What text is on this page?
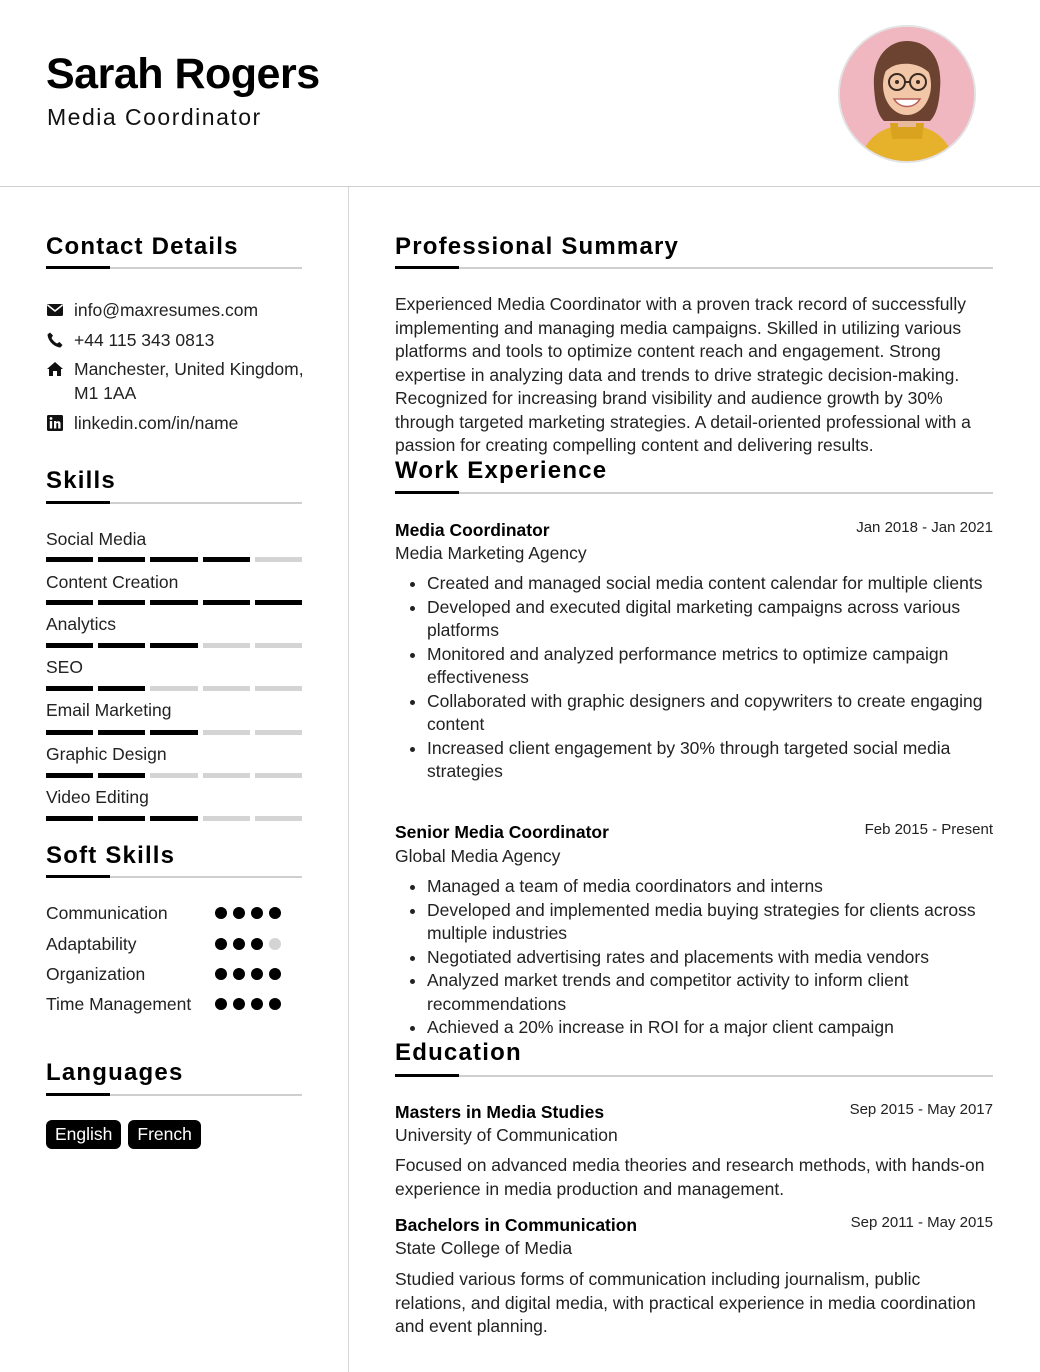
Sarah Rogers
Media Coordinator
Contact Details
info@maxresumes.com
+44 115 343 0813
Manchester, United Kingdom, M1 1AA
linkedin.com/in/name
Skills
Social Media
Content Creation
Analytics
SEO
Email Marketing
Graphic Design
Video Editing
Soft Skills
Communication
Adaptability
Organization
Time Management
Languages
English	French
Professional Summary
Experienced Media Coordinator with a proven track record of successfully implementing and managing media campaigns. Skilled in utilizing various platforms and tools to optimize content reach and engagement. Strong expertise in analyzing data and trends to drive strategic decision-making. Recognized for increasing brand visibility and audience growth by 30% through targeted marketing strategies. A detail-oriented professional with a passion for creating compelling content and delivering results.
Work Experience
Media Coordinator	Jan 2018 - Jan 2021
Media Marketing Agency
• Created and managed social media content calendar for multiple clients
• Developed and executed digital marketing campaigns across various platforms
• Monitored and analyzed performance metrics to optimize campaign effectiveness
• Collaborated with graphic designers and copywriters to create engaging content
• Increased client engagement by 30% through targeted social media strategies
Senior Media Coordinator	Feb 2015 - Present
Global Media Agency
• Managed a team of media coordinators and interns
• Developed and implemented media buying strategies for clients across multiple industries
• Negotiated advertising rates and placements with media vendors
• Analyzed market trends and competitor activity to inform client recommendations
• Achieved a 20% increase in ROI for a major client campaign
Education
Masters in Media Studies	Sep 2015 - May 2017
University of Communication
Focused on advanced media theories and research methods, with hands-on experience in media production and management.
Bachelors in Communication	Sep 2011 - May 2015
State College of Media
Studied various forms of communication including journalism, public relations, and digital media, with practical experience in media coordination and event planning.
